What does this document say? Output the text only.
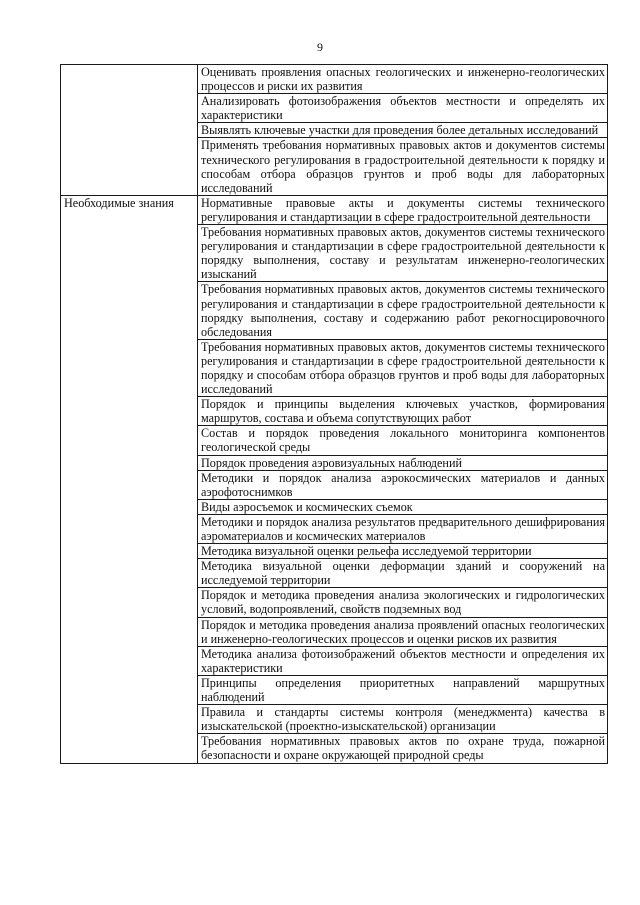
9
	Оценивать проявления опасных геологических и инженерно-геологических процессов и риски их развития
	Анализировать фотоизображения объектов местности и определять их характеристики
	Выявлять ключевые участки для проведения более детальных исследований
	Применять требования нормативных правовых актов и документов системы технического регулирования в градостроительной деятельности к порядку и способам отбора образцов грунтов и проб воды для лабораторных исследований
Необходимые знания	Нормативные правовые акты и документы системы технического регулирования и стандартизации в сфере градостроительной деятельности
	Требования нормативных правовых актов, документов системы технического регулирования и стандартизации в сфере градостроительной деятельности к порядку выполнения, составу и результатам инженерно-геологических изысканий
	Требования нормативных правовых актов, документов системы технического регулирования и стандартизации в сфере градостроительной деятельности к порядку выполнения, составу и содержанию работ рекогносцировочного обследования
	Требования нормативных правовых актов, документов системы технического регулирования и стандартизации в сфере градостроительной деятельности к порядку и способам отбора образцов грунтов и проб воды для лабораторных исследований
	Порядок и принципы выделения ключевых участков, формирования маршрутов, состава и объема сопутствующих работ
	Состав и порядок проведения локального мониторинга компонентов геологической среды
	Порядок проведения аэровизуальных наблюдений
	Методики и порядок анализа аэрокосмических материалов и данных аэрофотоснимков
	Виды аэросъемок и космических съемок
	Методики и порядок анализа результатов предварительного дешифрирования аэроматериалов и космических материалов
	Методика визуальной оценки рельефа исследуемой территории
	Методика визуальной оценки деформации зданий и сооружений на исследуемой территории
	Порядок и методика проведения анализа экологических и гидрологических условий, водопроявлений, свойств подземных вод
	Порядок и методика проведения анализа проявлений опасных геологических и инженерно-геологических процессов и оценки рисков их развития
	Методика анализа фотоизображений объектов местности и определения их характеристики
	Принципы определения приоритетных направлений маршрутных наблюдений
	Правила и стандарты системы контроля (менеджмента) качества в изыскательской (проектно-изыскательской) организации
	Требования нормативных правовых актов по охране труда, пожарной безопасности и охране окружающей природной среды
